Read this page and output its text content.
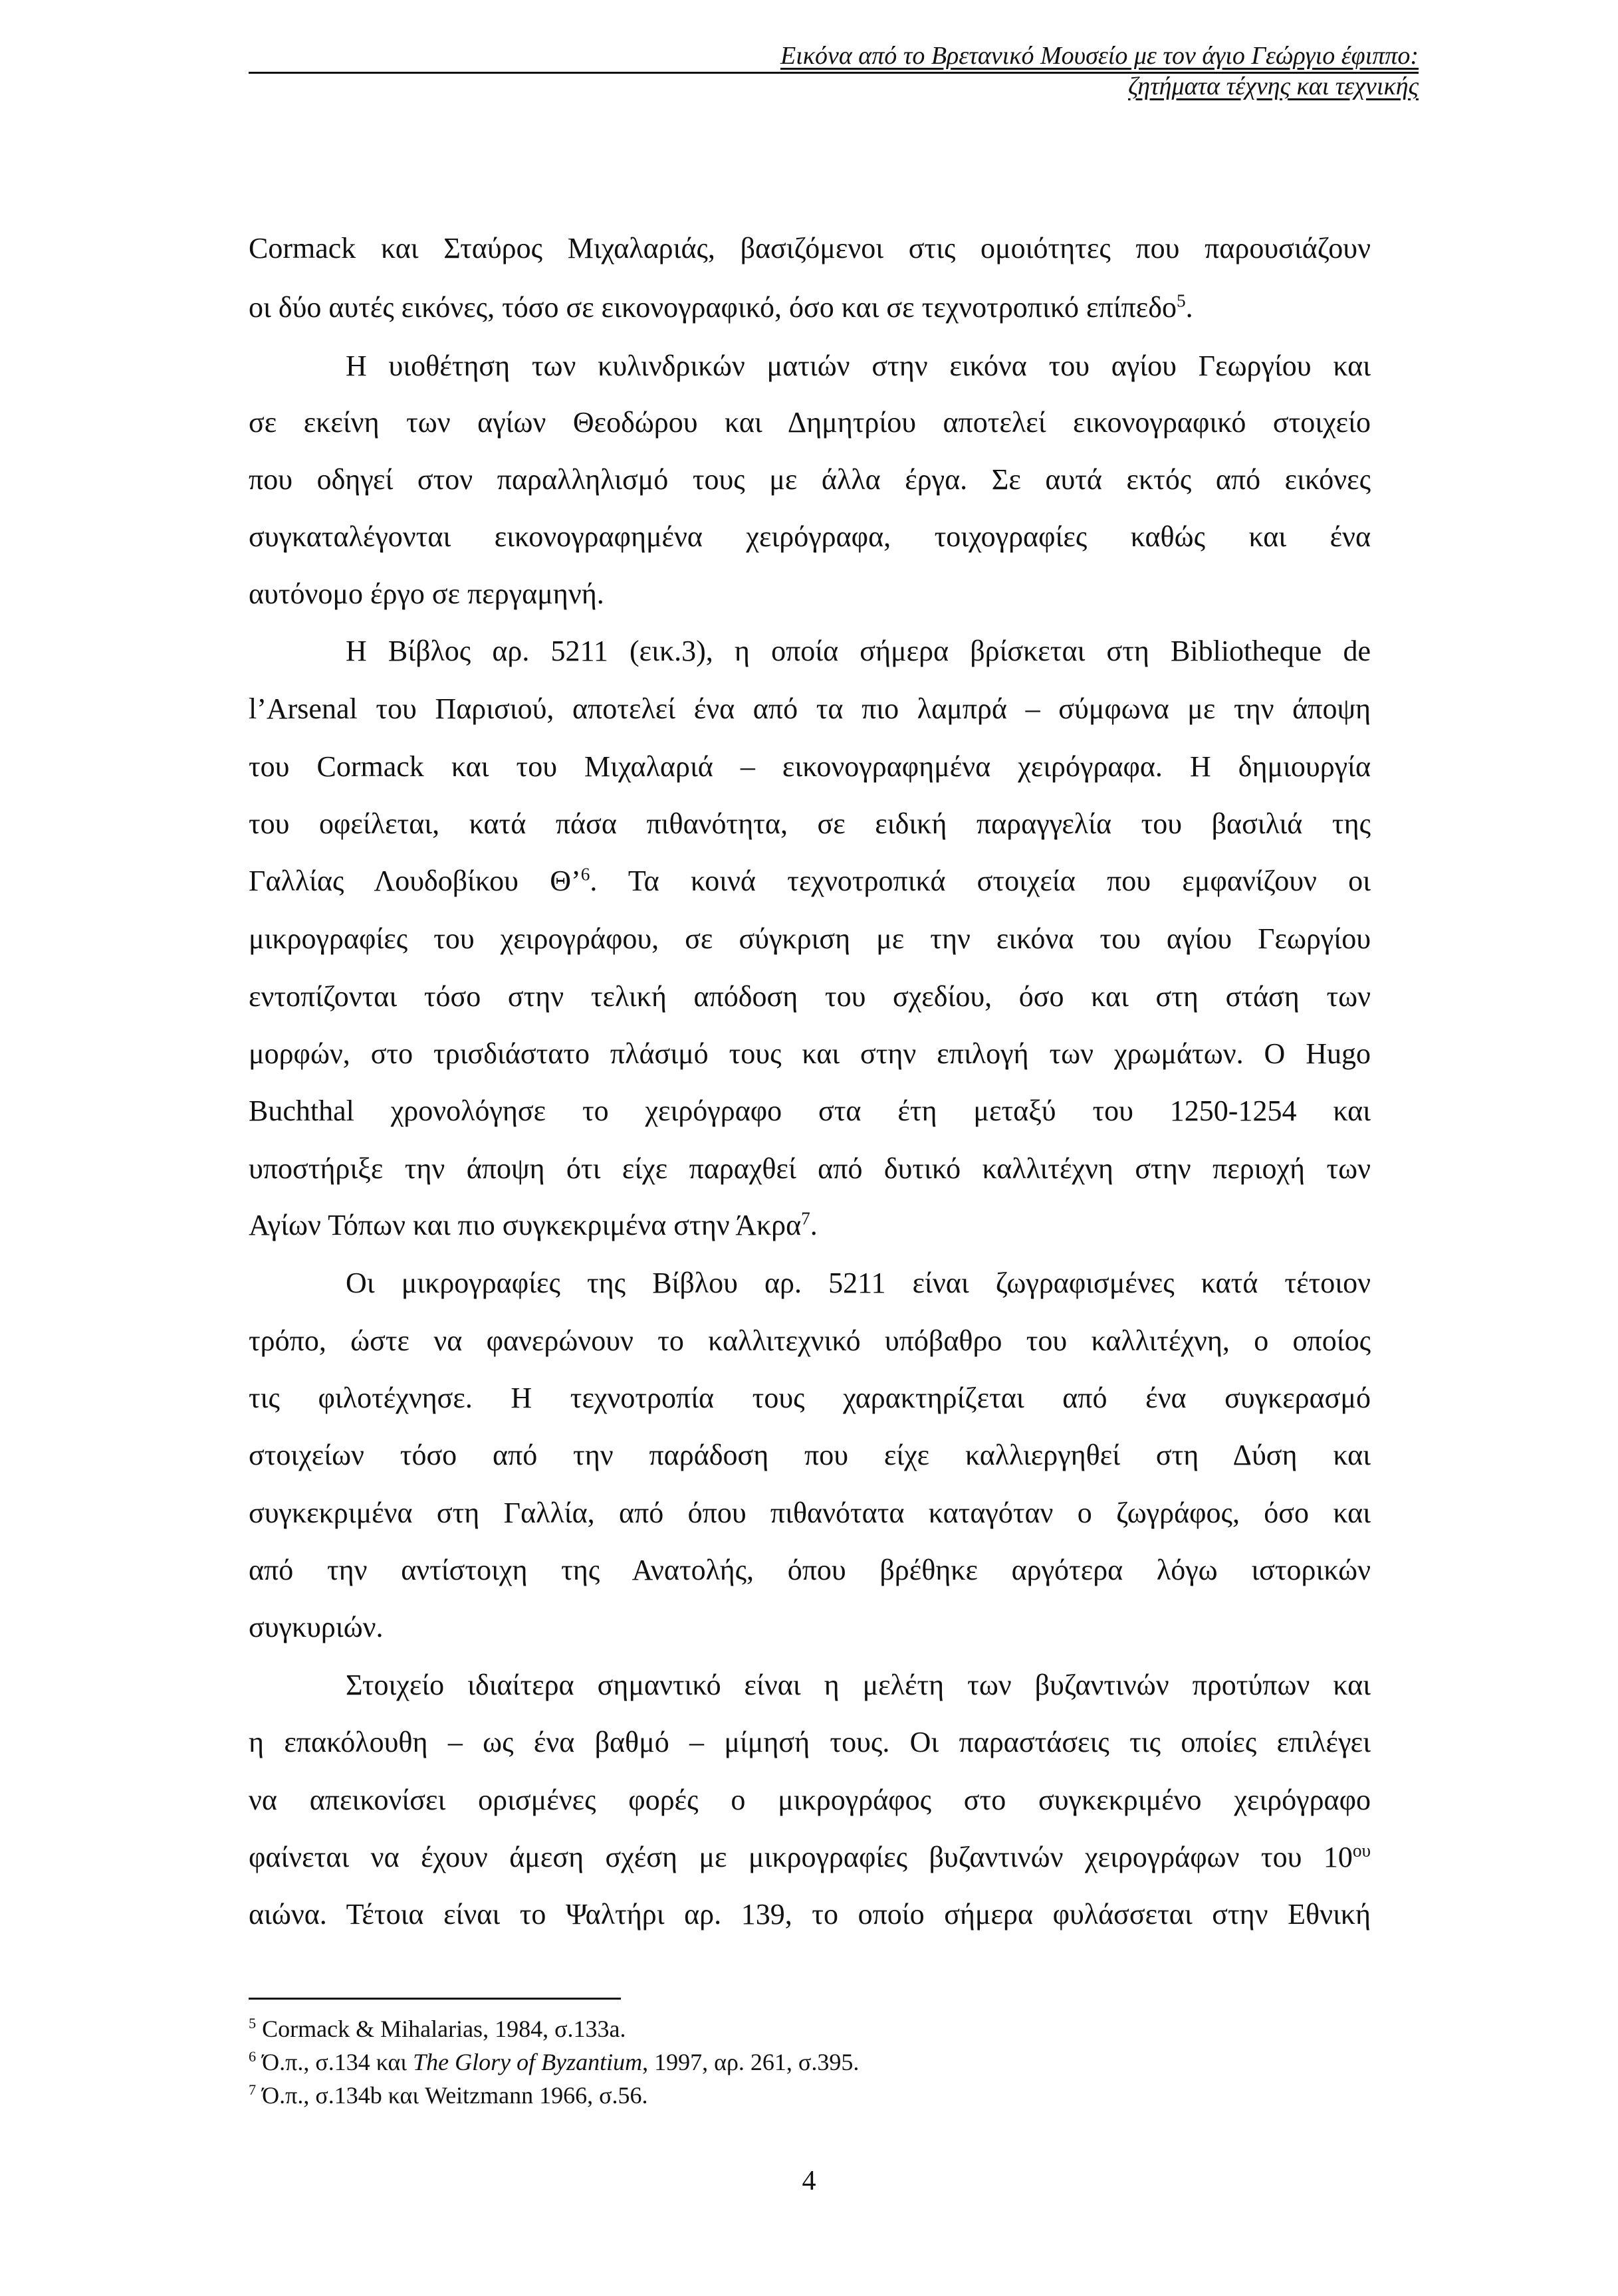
Εικόνα από το Βρετανικό Μουσείο με τον άγιο Γεώργιο έφιππο:
ζητήματα τέχνης και τεχνικής
Cormack και Σταύρος Μιχαλαριάς, βασιζόμενοι στις ομοιότητες που παρουσιάζουν
οι δύο αυτές εικόνες, τόσο σε εικονογραφικό, όσο και σε τεχνοτροπικό επίπεδο$^5$.
Η υιοθέτηση των κυλινδρικών ματιών στην εικόνα του αγίου Γεωργίου και
σε εκείνη των αγίων Θεοδώρου και Δημητρίου αποτελεί εικονογραφικό στοιχείο
που οδηγεί στον παραλληλισμό τους με άλλα έργα. Σε αυτά εκτός από εικόνες
συγκαταλέγονται εικονογραφημένα χειρόγραφα, τοιχογραφίες καθώς και ένα
αυτόνομο έργο σε περγαμηνή.
Η Βίβλος αρ. 5211 (εικ.3), η οποία σήμερα βρίσκεται στη Bibliotheque de
l’Arsenal του Παρισιού, αποτελεί ένα από τα πιο λαμπρά – σύμφωνα με την άποψη
του Cormack και του Μιχαλαριά – εικονογραφημένα χειρόγραφα. Η δημιουργία
του οφείλεται, κατά πάσα πιθανότητα, σε ειδική παραγγελία του βασιλιά της
Γαλλίας Λουδοβίκου Θ’$^6$. Τα κοινά τεχνοτροπικά στοιχεία που εμφανίζουν οι
μικρογραφίες του χειρογράφου, σε σύγκριση με την εικόνα του αγίου Γεωργίου
εντοπίζονται τόσο στην τελική απόδοση του σχεδίου, όσο και στη στάση των
μορφών, στο τρισδιάστατο πλάσιμό τους και στην επιλογή των χρωμάτων. Ο Hugo
Buchthal χρονολόγησε το χειρόγραφο στα έτη μεταξύ του 1250-1254 και
υποστήριξε την άποψη ότι είχε παραχθεί από δυτικό καλλιτέχνη στην περιοχή των
Αγίων Τόπων και πιο συγκεκριμένα στην Άκρα$^7$.
Οι μικρογραφίες της Βίβλου αρ. 5211 είναι ζωγραφισμένες κατά τέτοιον
τρόπο, ώστε να φανερώνουν το καλλιτεχνικό υπόβαθρο του καλλιτέχνη, ο οποίος
τις φιλοτέχνησε. Η τεχνοτροπία τους χαρακτηρίζεται από ένα συγκερασμό
στοιχείων τόσο από την παράδοση που είχε καλλιεργηθεί στη Δύση και
συγκεκριμένα στη Γαλλία, από όπου πιθανότατα καταγόταν ο ζωγράφος, όσο και
από την αντίστοιχη της Ανατολής, όπου βρέθηκε αργότερα λόγω ιστορικών
συγκυριών.
Στοιχείο ιδιαίτερα σημαντικό είναι η μελέτη των βυζαντινών προτύπων και
η επακόλουθη – ως ένα βαθμό – μίμησή τους. Οι παραστάσεις τις οποίες επιλέγει
να απεικονίσει ορισμένες φορές ο μικρογράφος στο συγκεκριμένο χειρόγραφο
φαίνεται να έχουν άμεση σχέση με μικρογραφίες βυζαντινών χειρογράφων του $10^{o\upsilon}$
αιώνα. Τέτοια είναι το Ψαλτήρι αρ. 139, το οποίο σήμερα φυλάσσεται στην Εθνική
$^5$ Cormack & Mihalarias, 1984, σ.133a.
$^6$ Ό.π., σ.134 και The Glory of Byzantium, 1997, αρ. 261, σ.395.
$^7$ Ό.π., σ.134b και Weitzmann 1966, σ.56.
4
